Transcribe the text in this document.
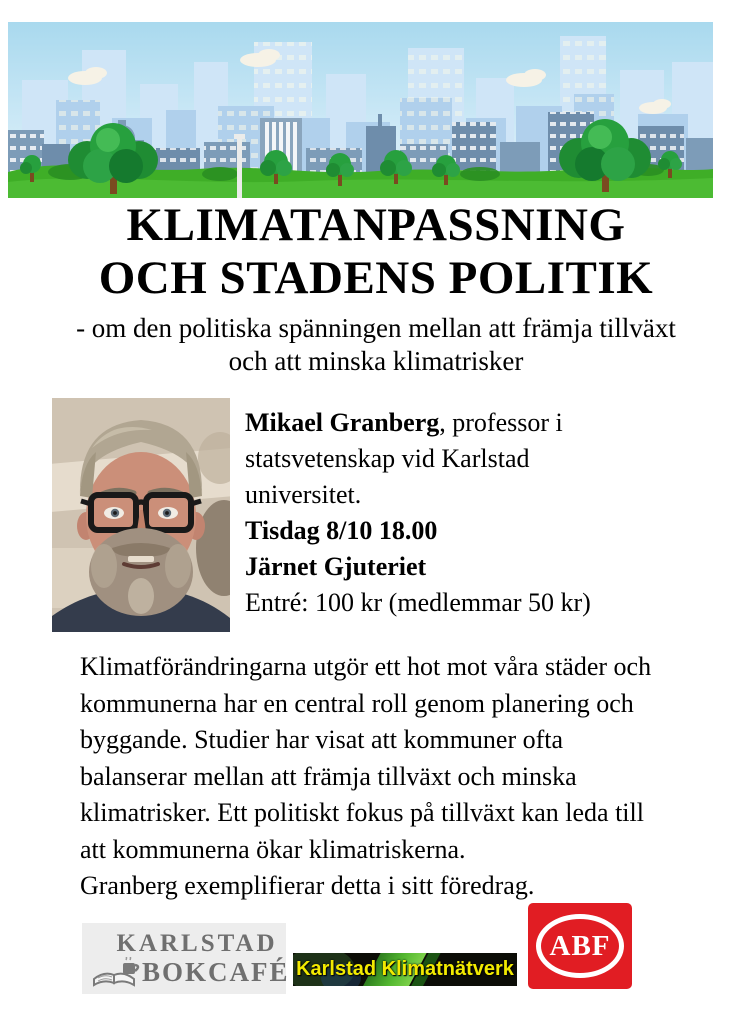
KLIMATANPASSNING
OCH STADENS POLITIK
- om den politiska spänningen mellan att främja tillväxt
och att minska klimatrisker
Mikael Granberg, professor i
statsvetenskap vid Karlstad
universitet.
Tisdag 8/10 18.00
Järnet Gjuteriet
Entré: 100 kr (medlemmar 50 kr)
Klimatförändringarna utgör ett hot mot våra städer och
kommunerna har en central roll genom planering och
byggande. Studier har visat att kommuner ofta
balanserar mellan att främja tillväxt och minska
klimatrisker. Ett politiskt fokus på tillväxt kan leda till
att kommunerna ökar klimatriskerna.
Granberg exemplifierar detta i sitt föredrag.
KARLSTAD
BOKCAFÉ Karlstad Klimatnätverk
ABF
